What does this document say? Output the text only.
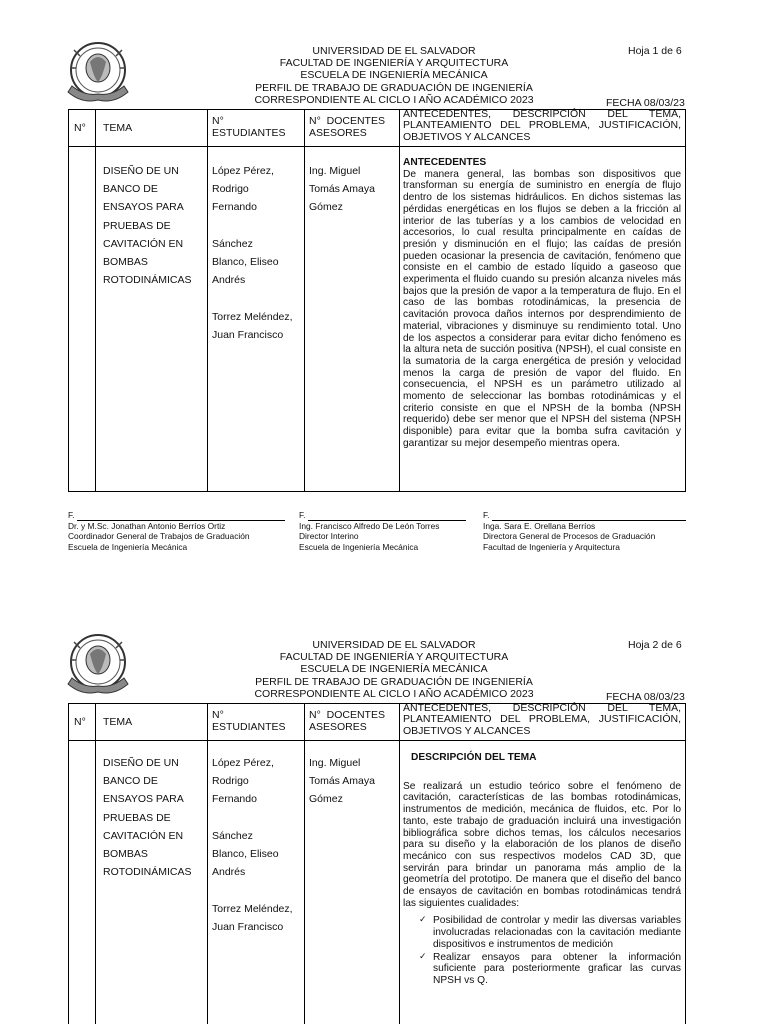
UNIVERSIDAD DE EL SALVADOR
FACULTAD DE INGENIERÍA Y ARQUITECTURA
ESCUELA DE INGENIERÍA MECÁNICA
PERFIL DE TRABAJO DE GRADUACIÓN DE INGENIERÍA
CORRESPONDIENTE AL CICLO I AÑO ACADÉMICO 2023
Hoja 1 de 6
FECHA 08/03/23
N° TEMA
N°
ESTUDIANTES
N°  DOCENTES
ASESORES
ANTECEDENTES,  DESCRIPCIÓN  DEL  TEMA,
PLANTEAMIENTO DEL PROBLEMA, JUSTIFICACIÓN,
OBJETIVOS Y ALCANCES
DISEÑO DE UN
BANCO DE
ENSAYOS PARA
PRUEBAS DE
CAVITACIÓN EN
BOMBAS
ROTODINÁMICAS
López Pérez,
Rodrigo
Fernando
Sánchez
Blanco, Eliseo
Andrés
Torrez Meléndez,
Juan Francisco
Ing. Miguel
Tomás Amaya
Gómez
ANTECEDENTES
De manera general, las bombas son dispositivos que transforman su energía de suministro en energía de flujo dentro de los sistemas hidráulicos. En dichos sistemas las pérdidas energéticas en los flujos se deben a la fricción al interior de las tuberías y a los cambios de velocidad en accesorios, lo cual resulta principalmente en caídas de presión y disminución en el flujo; las caídas de presión pueden ocasionar la presencia de cavitación, fenómeno que consiste en el cambio de estado líquido a gaseoso que experimenta el fluido cuando su presión alcanza niveles más bajos que la presión de vapor a la temperatura de flujo. En el caso de las bombas rotodinámicas, la presencia de cavitación provoca daños internos por desprendimiento de material, vibraciones y disminuye su rendimiento total. Uno de los aspectos a considerar para evitar dicho fenómeno es la altura neta de succión positiva (NPSH), el cual consiste en la sumatoria de la carga energética de presión y velocidad menos la carga de presión de vapor del fluido. En consecuencia, el NPSH es un parámetro utilizado al momento de seleccionar las bombas rotodinámicas y el criterio consiste en que el NPSH de la bomba (NPSH requerido) debe ser menor que el NPSH del sistema (NPSH disponible) para evitar que la bomba sufra cavitación y garantizar su mejor desempeño mientras opera.
F.
Dr. y M.Sc. Jonathan Antonio Berríos Ortiz
Coordinador General de Trabajos de Graduación
Escuela de Ingeniería Mecánica
F.
Ing. Francisco Alfredo De León Torres
Director Interino
Escuela de Ingeniería Mecánica
F.
Inga. Sara E. Orellana Berríos
Directora General de Procesos de Graduación
Facultad de Ingeniería y Arquitectura
UNIVERSIDAD DE EL SALVADOR
FACULTAD DE INGENIERÍA Y ARQUITECTURA
ESCUELA DE INGENIERÍA MECÁNICA
PERFIL DE TRABAJO DE GRADUACIÓN DE INGENIERÍA
CORRESPONDIENTE AL CICLO I AÑO ACADÉMICO 2023
Hoja 2 de 6
FECHA 08/03/23
N° TEMA
N°
ESTUDIANTES
N°  DOCENTES
ASESORES
ANTECEDENTES,  DESCRIPCIÓN  DEL  TEMA,
PLANTEAMIENTO DEL PROBLEMA, JUSTIFICACIÓN,
OBJETIVOS Y ALCANCES
DISEÑO DE UN
BANCO DE
ENSAYOS PARA
PRUEBAS DE
CAVITACIÓN EN
BOMBAS
ROTODINÁMICAS
López Pérez,
Rodrigo
Fernando
Sánchez
Blanco, Eliseo
Andrés
Torrez Meléndez,
Juan Francisco
Ing. Miguel
Tomás Amaya
Gómez
DESCRIPCIÓN DEL TEMA
Se realizará un estudio teórico sobre el fenómeno de cavitación, características de las bombas rotodinámicas, instrumentos de medición, mecánica de fluidos, etc. Por lo tanto, este trabajo de graduación incluirá una investigación bibliográfica sobre dichos temas, los cálculos necesarios para su diseño y la elaboración de los planos de diseño mecánico con sus respectivos modelos CAD 3D, que servirán para brindar un panorama más amplio de la geometría del prototipo. De manera que el diseño del banco de ensayos de cavitación en bombas rotodinámicas tendrá las siguientes cualidades:
✓ Posibilidad de controlar y medir las diversas variables involucradas relacionadas con la cavitación mediante dispositivos e instrumentos de medición
✓ Realizar ensayos para obtener la información suficiente para posteriormente graficar las curvas NPSH vs Q.
